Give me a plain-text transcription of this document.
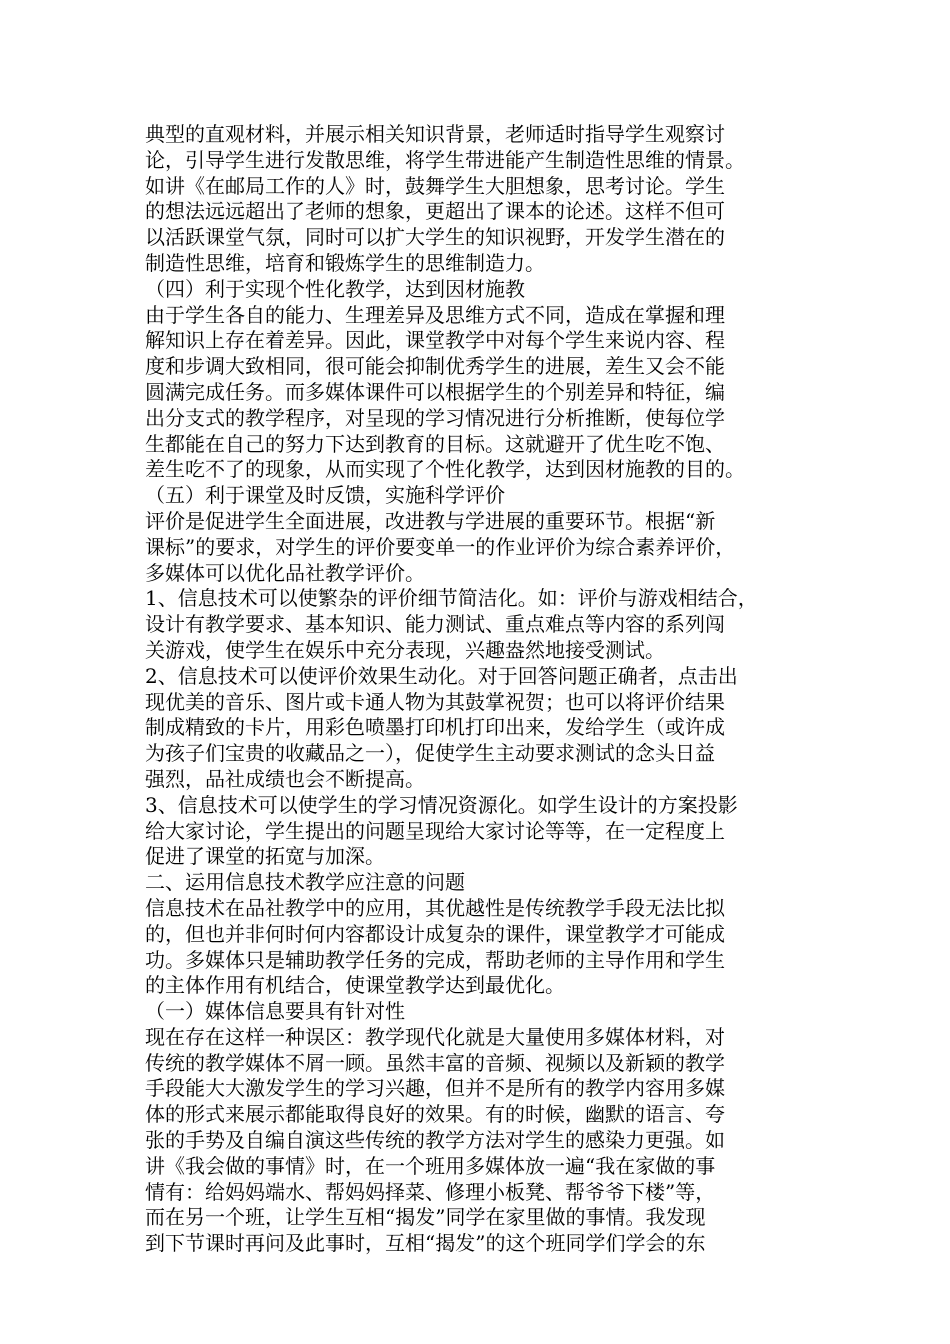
典型的直观材料，并展示相关知识背景，老师适时指导学生观察讨

论，引导学生进行发散思维，将学生带进能产生制造性思维的情景。

如讲《在邮局工作的人》时，鼓舞学生大胆想象，思考讨论。学生

的想法远远超出了老师的想象，更超出了课本的论述。这样不但可

以活跃课堂气氛，同时可以扩大学生的知识视野，开发学生潜在的

制造性思维，培育和锻炼学生的思维制造力。

（四）利于实现个性化教学，达到因材施教

由于学生各自的能力、生理差异及思维方式不同，造成在掌握和理

解知识上存在着差异。因此，课堂教学中对每个学生来说内容、程

度和步调大致相同，很可能会抑制优秀学生的进展，差生又会不能

圆满完成任务。而多媒体课件可以根据学生的个别差异和特征，编

出分支式的教学程序，对呈现的学习情况进行分析推断，使每位学

生都能在自己的努力下达到教育的目标。这就避开了优生吃不饱、

差生吃不了的现象，从而实现了个性化教学，达到因材施教的目的。

（五）利于课堂及时反馈，实施科学评价

评价是促进学生全面进展，改进教与学进展的重要环节。根据“新

课标”的要求，对学生的评价要变单一的作业评价为综合素养评价，

多媒体可以优化品社教学评价。

1、信息技术可以使繁杂的评价细节简洁化。如：评价与游戏相结合，

设计有教学要求、基本知识、能力测试、重点难点等内容的系列闯

关游戏，使学生在娱乐中充分表现，兴趣盎然地接受测试。

2、信息技术可以使评价效果生动化。对于回答问题正确者，点击出

现优美的音乐、图片或卡通人物为其鼓掌祝贺；也可以将评价结果

制成精致的卡片，用彩色喷墨打印机打印出来，发给学生（或许成

为孩子们宝贵的收藏品之一），促使学生主动要求测试的念头日益

强烈，品社成绩也会不断提高。

3、信息技术可以使学生的学习情况资源化。如学生设计的方案投影

给大家讨论，学生提出的问题呈现给大家讨论等等，在一定程度上

促进了课堂的拓宽与加深。

二、运用信息技术教学应注意的问题

信息技术在品社教学中的应用，其优越性是传统教学手段无法比拟

的，但也并非何时何内容都设计成复杂的课件，课堂教学才可能成

功。多媒体只是辅助教学任务的完成，帮助老师的主导作用和学生

的主体作用有机结合，使课堂教学达到最优化。

（一）媒体信息要具有针对性

现在存在这样一种误区：教学现代化就是大量使用多媒体材料，对

传统的教学媒体不屑一顾。虽然丰富的音频、视频以及新颖的教学

手段能大大激发学生的学习兴趣，但并不是所有的教学内容用多媒

体的形式来展示都能取得良好的效果。有的时候，幽默的语言、夸

张的手势及自编自演这些传统的教学方法对学生的感染力更强。如

讲《我会做的事情》时，在一个班用多媒体放一遍“我在家做的事

情有：给妈妈端水、帮妈妈择菜、修理小板凳、帮爷爷下楼”等，

而在另一个班，让学生互相“揭发”同学在家里做的事情。我发现

到下节课时再问及此事时，互相“揭发”的这个班同学们学会的东
